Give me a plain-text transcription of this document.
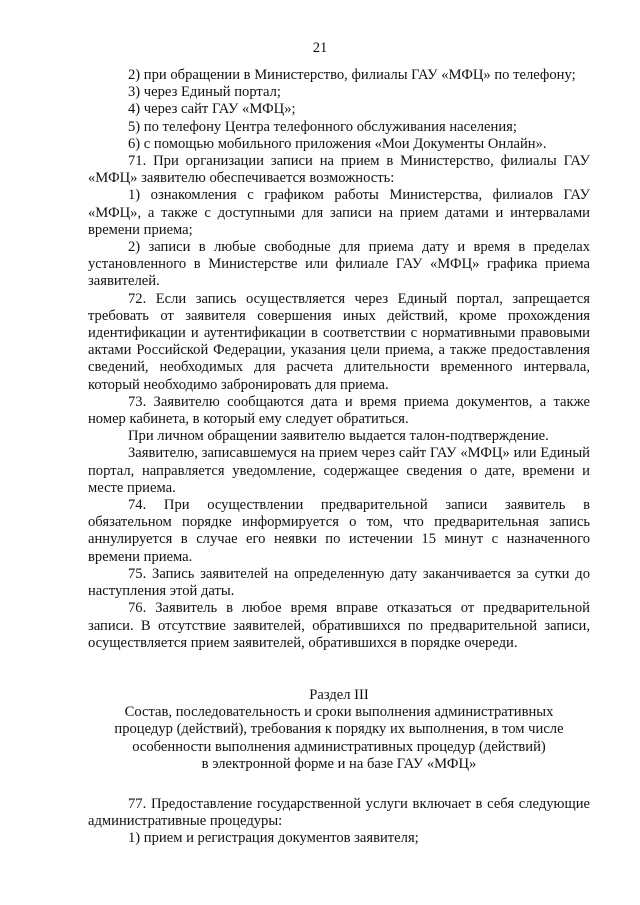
21

2) при обращении в Министерство, филиалы ГАУ «МФЦ» по телефону;

3) через Единый портал;

4) через сайт ГАУ «МФЦ»;

5) по телефону Центра телефонного обслуживания населения;

6) с помощью мобильного приложения «Мои Документы Онлайн».

71. При организации записи на прием в Министерство, филиалы ГАУ «МФЦ» заявителю обеспечивается возможность:

1) ознакомления с графиком работы Министерства, филиалов ГАУ «МФЦ», а также с доступными для записи на прием датами и интервалами времени приема;

2) записи в любые свободные для приема дату и время в пределах установленного в Министерстве или филиале ГАУ «МФЦ» графика приема заявителей.

72. Если запись осуществляется через Единый портал, запрещается требовать от заявителя совершения иных действий, кроме прохождения идентификации и аутентификации в соответствии с нормативными правовыми актами Российской Федерации, указания цели приема, а также предоставления сведений, необходимых для расчета длительности временного интервала, который необходимо забронировать для приема.

73. Заявителю сообщаются дата и время приема документов, а также номер кабинета, в который ему следует обратиться.

При личном обращении заявителю выдается талон-подтверждение.

Заявителю, записавшемуся на прием через сайт ГАУ «МФЦ» или Единый портал, направляется уведомление, содержащее сведения о дате, времени и месте приема.

74. При осуществлении предварительной записи заявитель в обязательном порядке информируется о том, что предварительная запись аннулируется в случае его неявки по истечении 15 минут с назначенного времени приема.

75. Запись заявителей на определенную дату заканчивается за сутки до наступления этой даты.

76. Заявитель в любое время вправе отказаться от предварительной записи. В отсутствие заявителей, обратившихся по предварительной записи, осуществляется прием заявителей, обратившихся в порядке очереди.

Раздел III
Состав, последовательность и сроки выполнения административных
процедур (действий), требования к порядку их выполнения, в том числе
особенности выполнения административных процедур (действий)
в электронной форме и на базе ГАУ «МФЦ»

77. Предоставление государственной услуги включает в себя следующие административные процедуры:

1) прием и регистрация документов заявителя;
